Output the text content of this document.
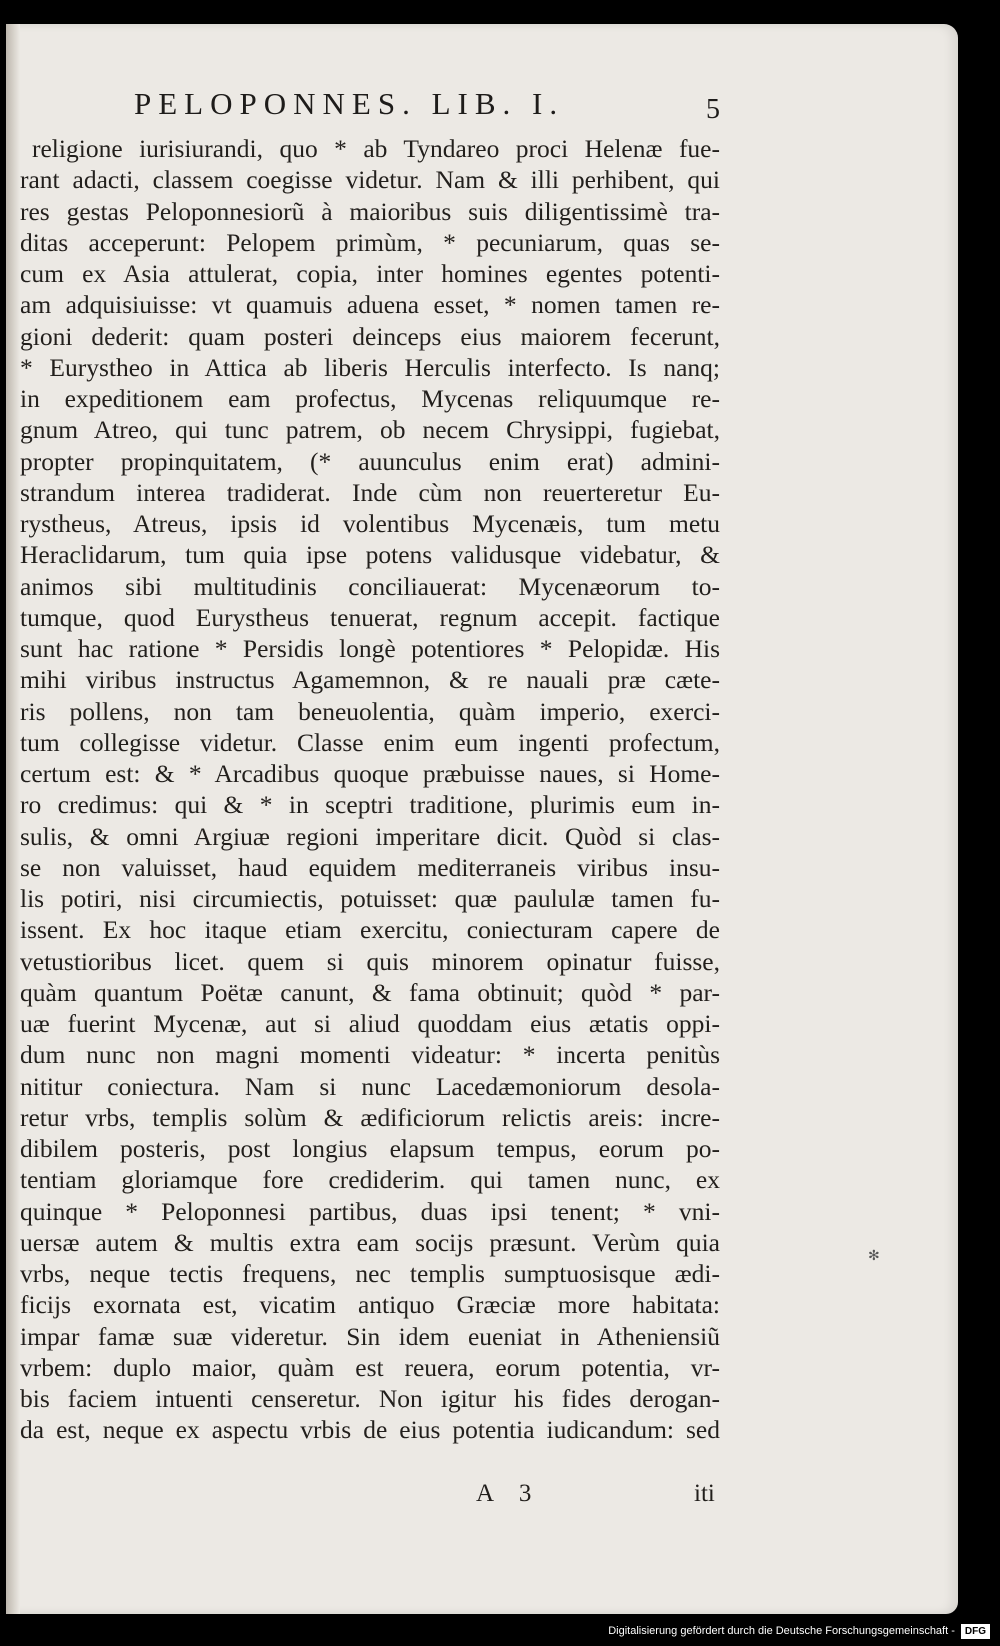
PELOPONNES. LIB. I.	5
religione iurisiurandi, quo * ab Tyndareo proci Helenæ fue-
rant adacti, classem coegisse videtur. Nam & illi perhibent, qui
res gestas Peloponnesiorũ à maioribus suis diligentissimè tra-
ditas acceperunt: Pelopem primùm, * pecuniarum, quas se-
cum ex Asia attulerat, copia, inter homines egentes potenti-
am adquisiuisse: vt quamuis aduena esset, * nomen tamen re-
gioni dederit: quam posteri deinceps eius maiorem fecerunt,
* Eurystheo in Attica ab liberis Herculis interfecto. Is nanq;
in expeditionem eam profectus, Mycenas reliquumque re-
gnum Atreo, qui tunc patrem, ob necem Chrysippi, fugiebat,
propter propinquitatem, (* auunculus enim erat) admini-
strandum interea tradiderat. Inde cùm non reuerteretur Eu-
rystheus, Atreus, ipsis id volentibus Mycenæis, tum metu
Heraclidarum, tum quia ipse potens validusque videbatur, &
animos sibi multitudinis conciliauerat: Mycenæorum to-
tumque, quod Eurystheus tenuerat, regnum accepit. factique
sunt hac ratione * Persidis longè potentiores * Pelopidæ. His
mihi viribus instructus Agamemnon, & re nauali præ cæte-
ris pollens, non tam beneuolentia, quàm imperio, exerci-
tum collegisse videtur. Classe enim eum ingenti profectum,
certum est: & * Arcadibus quoque præbuisse naues, si Home-
ro credimus: qui & * in sceptri traditione, plurimis eum in-
sulis, & omni Argiuæ regioni imperitare dicit. Quòd si clas-
se non valuisset, haud equidem mediterraneis viribus insu-
lis potiri, nisi circumiectis, potuisset: quæ paululæ tamen fu-
issent. Ex hoc itaque etiam exercitu, coniecturam capere de
vetustioribus licet. quem si quis minorem opinatur fuisse,
quàm quantum Poëtæ canunt, & fama obtinuit; quòd * par-
uæ fuerint Mycenæ, aut si aliud quoddam eius ætatis oppi-
dum nunc non magni momenti videatur: * incerta penitùs
nititur coniectura. Nam si nunc Lacedæmoniorum desola-
retur vrbs, templis solùm & ædificiorum relictis areis: incre-
dibilem posteris, post longius elapsum tempus, eorum po-
tentiam gloriamque fore crediderim. qui tamen nunc, ex
quinque * Peloponnesi partibus, duas ipsi tenent; * vni-
uersæ autem & multis extra eam socijs præsunt. Verùm quia
vrbs, neque tectis frequens, nec templis sumptuosisque ædi-
ficijs exornata est, vicatim antiquo Græciæ more habitata:
impar famæ suæ videretur. Sin idem eueniat in Atheniensiũ
vrbem: duplo maior, quàm est reuera, eorum potentia, vr-
bis faciem intuenti censeretur. Non igitur his fides derogan-
da est, neque ex aspectu vrbis de eius potentia iudicandum: sed
A 3	iti
✻
Digitalisierung gefördert durch die Deutsche Forschungsgemeinschaft -	DFG
